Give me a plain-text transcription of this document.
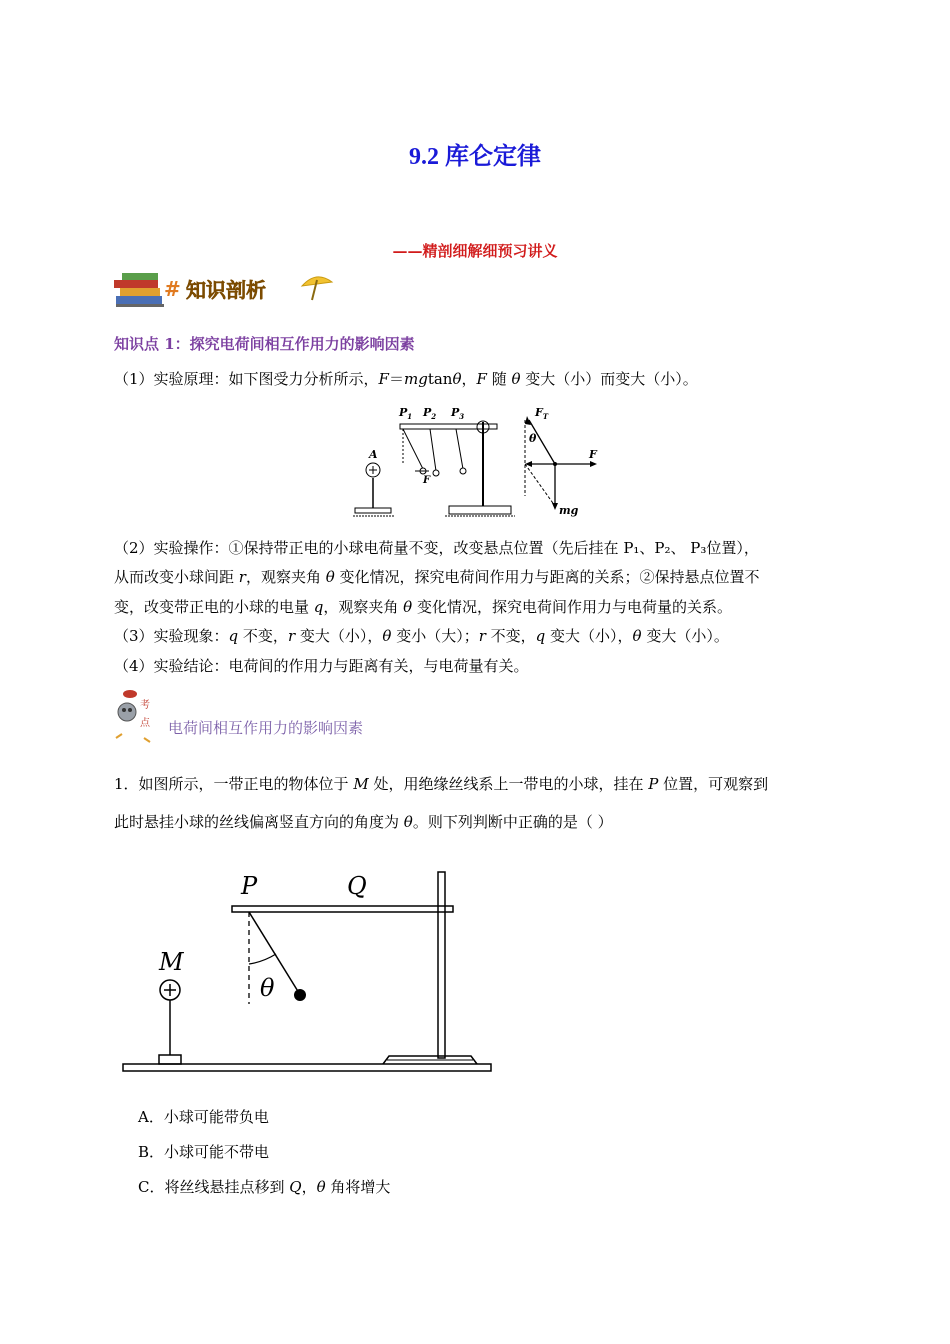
9.2 库仑定律
——精剖细解细预习讲义
# 知识剖析
知识点 1：探究电荷间相互作用力的影响因素
（1）实验原理：如下图受力分析所示，F＝mgtanθ，F 随 θ 变大（小）而变大（小）。
A
$P_1$ $P_2$ $P_3$
F
$F_T$
θ
F
mg
（2）实验操作：①保持带正电的小球电荷量不变，改变悬点位置（先后挂在 P₁、P₂、 P₃位置），
从而改变小球间距 r，观察夹角 θ 变化情况，探究电荷间作用力与距离的关系；②保持悬点位置不
变，改变带正电的小球的电量 q，观察夹角 θ 变化情况，探究电荷间作用力与电荷量的关系。
（3）实验现象：q 不变，r 变大（小），θ 变小（大）；r 不变，q 变大（小），θ 变大（小）。
（4）实验结论：电荷间的作用力与距离有关，与电荷量有关。
考
点 电荷间相互作用力的影响因素
1．如图所示，一带正电的物体位于 M 处，用绝缘丝线系上一带电的小球，挂在 P 位置，可观察到
此时悬挂小球的丝线偏离竖直方向的角度为 θ。则下列判断中正确的是（ ）
M
P	Q
θ
A．小球可能带负电
B．小球可能不带电
C．将丝线悬挂点移到 Q，θ 角将增大
